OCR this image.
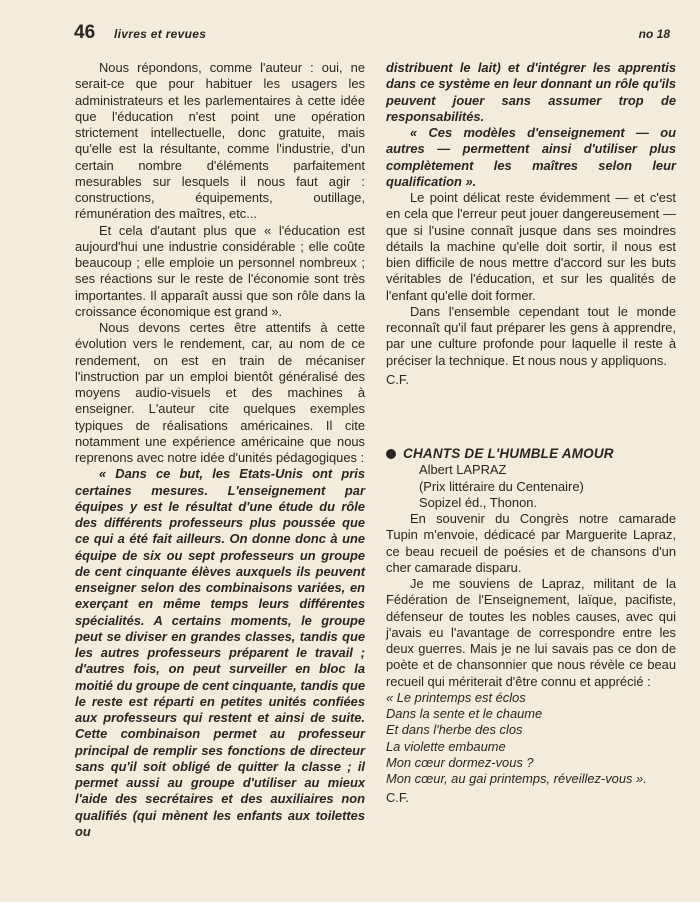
46 livres et revues	no 18

Nous répondons, comme l'auteur : oui, ne serait-ce que pour habituer les usagers les administrateurs et les parlementaires à cette idée que l'éducation n'est point une opération strictement intellectuelle, donc gratuite, mais qu'elle est la résultante, comme l'industrie, d'un certain nombre d'éléments parfaitement mesurables sur lesquels il nous faut agir : constructions, équipements, outillage, rémunération des maîtres, etc...

Et cela d'autant plus que « l'éducation est aujourd'hui une industrie considérable ; elle coûte beaucoup ; elle emploie un personnel nombreux ; ses réactions sur le reste de l'économie sont très importantes. Il apparaît aussi que son rôle dans la croissance économique est grand ».

Nous devons certes être attentifs à cette évolution vers le rendement, car, au nom de ce rendement, on est en train de mécaniser l'instruction par un emploi bientôt généralisé des moyens audio-visuels et des machines à enseigner. L'auteur cite quelques exemples typiques de réalisations américaines. Il cite notamment une expérience américaine que nous reprenons avec notre idée d'unités pédagogiques :

« Dans ce but, les Etats-Unis ont pris certaines mesures. L'enseignement par équipes y est le résultat d'une étude du rôle des différents professeurs plus poussée que ce qui a été fait ailleurs. On donne donc à une équipe de six ou sept professeurs un groupe de cent cinquante élèves auxquels ils peuvent enseigner selon des combinaisons variées, en exerçant en même temps leurs différentes spécialités. A certains moments, le groupe peut se diviser en grandes classes, tandis que les autres professeurs préparent le travail ; d'autres fois, on peut surveiller en bloc la moitié du groupe de cent cinquante, tandis que le reste est réparti en petites unités confiées aux professeurs qui restent et ainsi de suite. Cette combinaison permet au professeur principal de remplir ses fonctions de directeur sans qu'il soit obligé de quitter la classe ; il permet aussi au groupe d'utiliser au mieux l'aide des secrétaires et des auxiliaires non qualifiés (qui mènent les enfants aux toilettes ou

distribuent le lait) et d'intégrer les apprentis dans ce système en leur donnant un rôle qu'ils peuvent jouer sans assumer trop de responsabilités.

« Ces modèles d'enseignement — ou autres — permettent ainsi d'utiliser plus complètement les maîtres selon leur qualification ».

Le point délicat reste évidemment — et c'est en cela que l'erreur peut jouer dangereusement — que si l'usine connaît jusque dans ses moindres détails la machine qu'elle doit sortir, il nous est bien difficile de nous mettre d'accord sur les buts véritables de l'éducation, et sur les qualités de l'enfant qu'elle doit former.

Dans l'ensemble cependant tout le monde reconnaît qu'il faut préparer les gens à apprendre, par une culture profonde pour laquelle il reste à préciser la technique. Et nous nous y appliquons.

C.F.

CHANTS DE L'HUMBLE AMOUR

Albert LAPRAZ

(Prix littéraire du Centenaire)

Sopizel éd., Thonon.

En souvenir du Congrès notre camarade Tupin m'envoie, dédicacé par Marguerite Lapraz, ce beau recueil de poésies et de chansons d'un cher camarade disparu.

Je me souviens de Lapraz, militant de la Fédération de l'Enseignement, laïque, pacifiste, défenseur de toutes les nobles causes, avec qui j'avais eu l'avantage de correspondre entre les deux guerres. Mais je ne lui savais pas ce don de poète et de chansonnier que nous révèle ce beau recueil qui mériterait d'être connu et apprécié :

« Le printemps est éclos
Dans la sente et le chaume
Et dans l'herbe des clos
La violette embaume
Mon cœur dormez-vous ?
Mon cœur, au gai printemps, réveillez-vous ».

C.F.
